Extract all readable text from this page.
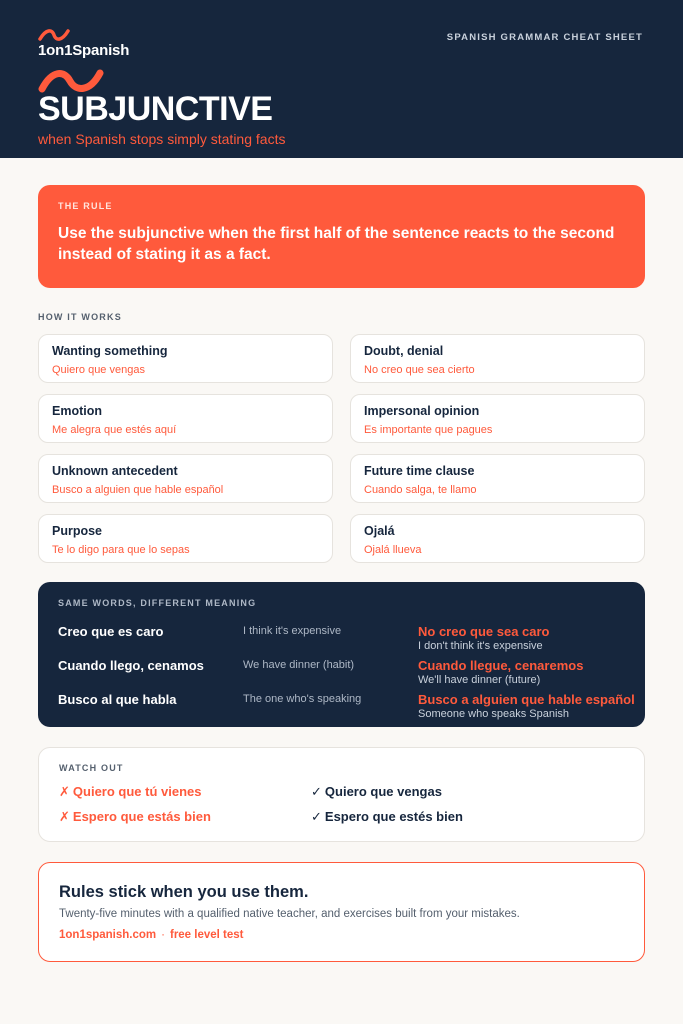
1on1Spanish
SPANISH GRAMMAR CHEAT SHEET
SUBJUNCTIVE
when Spanish stops simply stating facts
THE RULE
Use the subjunctive when the first half of the sentence reacts to the second instead of stating it as a fact.
HOW IT WORKS
Wanting something
Quiero que vengas
Doubt, denial
No creo que sea cierto
Emotion
Me alegra que estés aquí
Impersonal opinion
Es importante que pagues
Unknown antecedent
Busco a alguien que hable español
Future time clause
Cuando salga, te llamo
Purpose
Te lo digo para que lo sepas
Ojalá
Ojalá llueva
SAME WORDS, DIFFERENT MEANING
Creo que es caro	I think it's expensive	No creo que sea caro
I don't think it's expensive
Cuando llego, cenamos	We have dinner (habit)	Cuando llegue, cenaremos
We'll have dinner (future)
Busco al que habla	The one who's speaking	Busco a alguien que hable español
Someone who speaks Spanish
WATCH OUT
✗ Quiero que tú vienes	✓ Quiero que vengas
✗ Espero que estás bien	✓ Espero que estés bien
Rules stick when you use them.
Twenty-five minutes with a qualified native teacher, and exercises built from your mistakes.
1on1spanish.com · free level test
